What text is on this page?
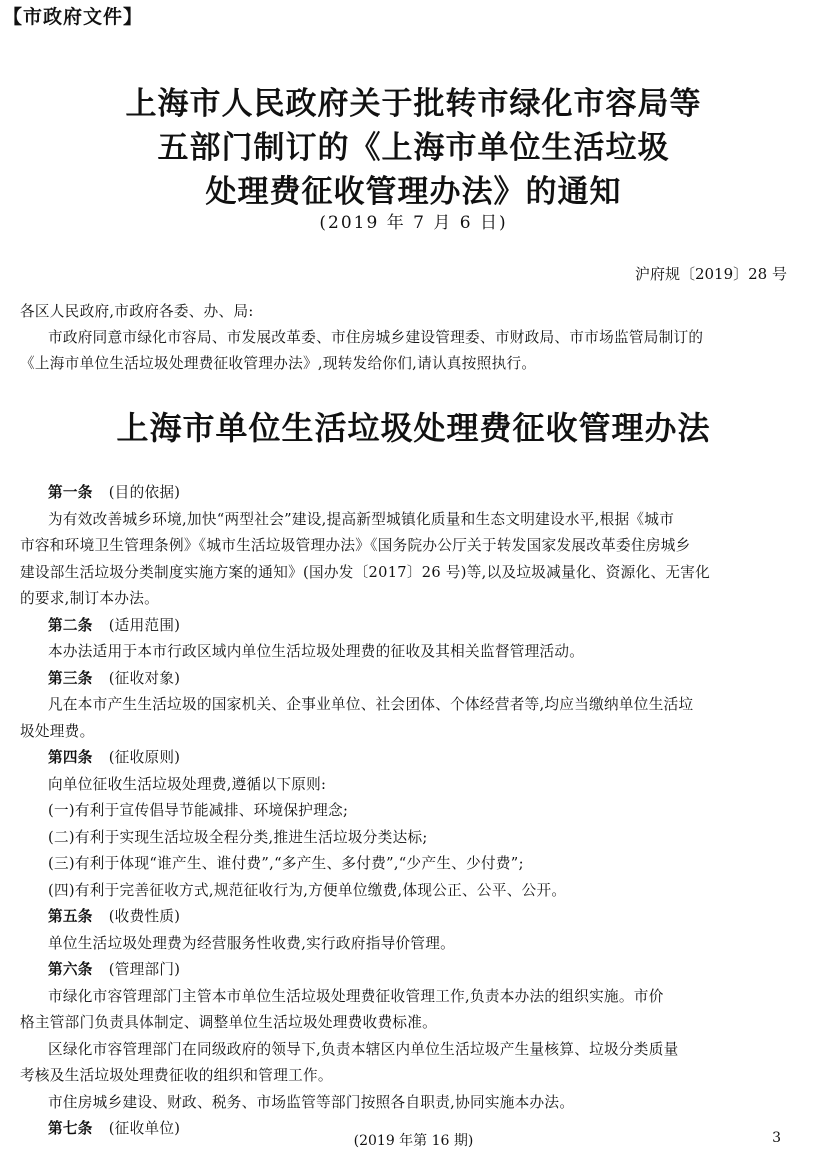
【市政府文件】
上海市人民政府关于批转市绿化市容局等
五部门制订的《上海市单位生活垃圾
处理费征收管理办法》的通知
(2019 年 7 月 6 日)
沪府规〔2019〕28 号
各区人民政府,市政府各委、办、局:
市政府同意市绿化市容局、市发展改革委、市住房城乡建设管理委、市财政局、市市场监管局制订的
《上海市单位生活垃圾处理费征收管理办法》,现转发给你们,请认真按照执行。
上海市单位生活垃圾处理费征收管理办法
第一条 (目的依据)
为有效改善城乡环境,加快“两型社会”建设,提高新型城镇化质量和生态文明建设水平,根据《城市
市容和环境卫生管理条例》《城市生活垃圾管理办法》《国务院办公厅关于转发国家发展改革委住房城乡
建设部生活垃圾分类制度实施方案的通知》(国办发〔2017〕26 号)等,以及垃圾减量化、资源化、无害化
的要求,制订本办法。
第二条 (适用范围)
本办法适用于本市行政区域内单位生活垃圾处理费的征收及其相关监督管理活动。
第三条 (征收对象)
凡在本市产生生活垃圾的国家机关、企事业单位、社会团体、个体经营者等,均应当缴纳单位生活垃
圾处理费。
第四条 (征收原则)
向单位征收生活垃圾处理费,遵循以下原则:
(一)有利于宣传倡导节能减排、环境保护理念;
(二)有利于实现生活垃圾全程分类,推进生活垃圾分类达标;
(三)有利于体现“谁产生、谁付费”,“多产生、多付费”,“少产生、少付费”;
(四)有利于完善征收方式,规范征收行为,方便单位缴费,体现公正、公平、公开。
第五条 (收费性质)
单位生活垃圾处理费为经营服务性收费,实行政府指导价管理。
第六条 (管理部门)
市绿化市容管理部门主管本市单位生活垃圾处理费征收管理工作,负责本办法的组织实施。市价
格主管部门负责具体制定、调整单位生活垃圾处理费收费标准。
区绿化市容管理部门在同级政府的领导下,负责本辖区内单位生活垃圾产生量核算、垃圾分类质量
考核及生活垃圾处理费征收的组织和管理工作。
市住房城乡建设、财政、税务、市场监管等部门按照各自职责,协同实施本办法。
第七条 (征收单位)
(2019 年第 16 期)	3
